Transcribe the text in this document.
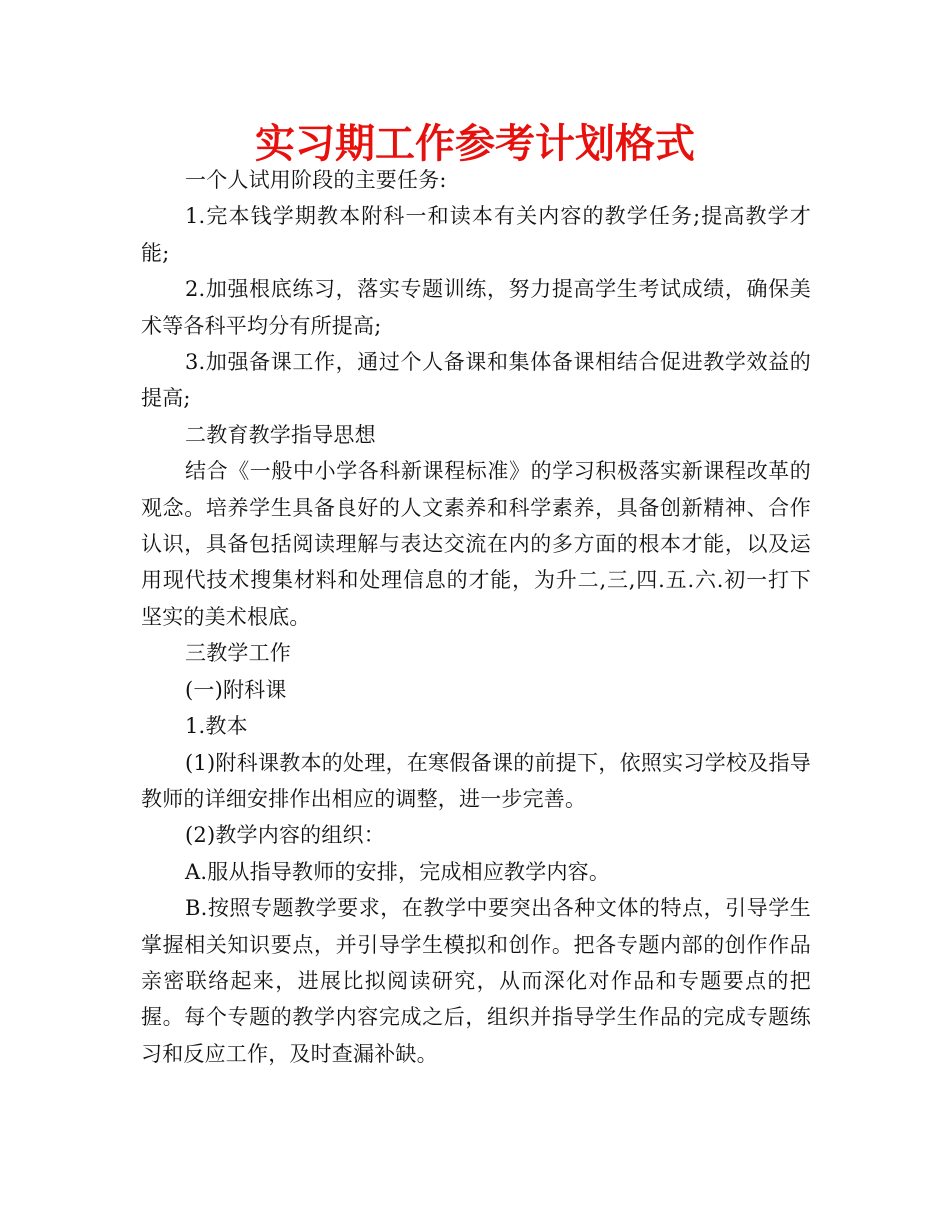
实习期工作参考计划格式

一个人试用阶段的主要任务:

1.完本钱学期教本附科一和读本有关内容的教学任务;提高教学才能;

2.加强根底练习，落实专题训练，努力提高学生考试成绩，确保美术等各科平均分有所提高;

3.加强备课工作，通过个人备课和集体备课相结合促进教学效益的提高;

二教育教学指导思想

结合《一般中小学各科新课程标准》的学习积极落实新课程改革的观念。培养学生具备良好的人文素养和科学素养，具备创新精神、合作认识，具备包括阅读理解与表达交流在内的多方面的根本才能，以及运用现代技术搜集材料和处理信息的才能，为升二,三,四.五.六.初一打下坚实的美术根底。

三教学工作

(一)附科课

1.教本

(1)附科课教本的处理，在寒假备课的前提下，依照实习学校及指导教师的详细安排作出相应的调整，进一步完善。

(2)教学内容的组织：

A.服从指导教师的安排，完成相应教学内容。

B.按照专题教学要求，在教学中要突出各种文体的特点，引导学生掌握相关知识要点，并引导学生模拟和创作。把各专题内部的创作作品亲密联络起来，进展比拟阅读研究，从而深化对作品和专题要点的把握。每个专题的教学内容完成之后，组织并指导学生作品的完成专题练习和反应工作，及时查漏补缺。
